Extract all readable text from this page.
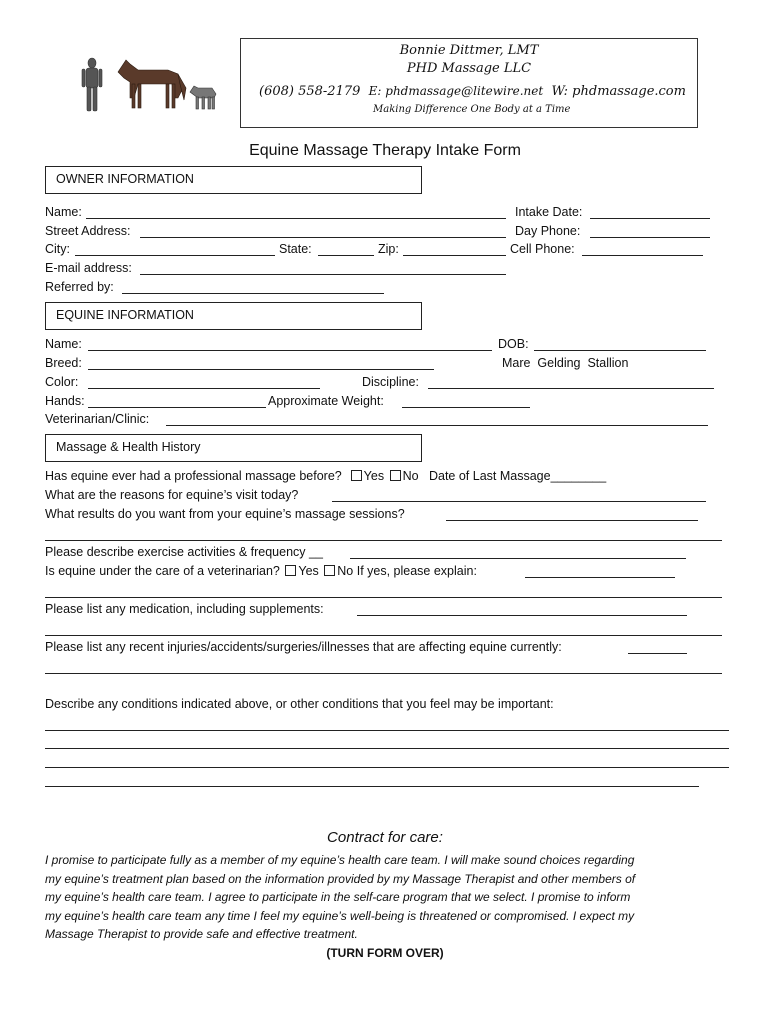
Bonnie Dittmer, LMT
PHD Massage LLC
(608) 558-2179 E: phdmassage@litewire.net W: phdmassage.com
Making Difference One Body at a Time
Equine Massage Therapy Intake Form
OWNER INFORMATION
Name:	Intake Date:
Street Address:	Day Phone:
City:	State:	Zip:	Cell Phone:
E-mail address:
Referred by:
EQUINE INFORMATION
Name:	DOB:
Breed:	Mare  Gelding  Stallion
Color:	Discipline:
Hands:	Approximate Weight:
Veterinarian/Clinic:
Massage & Health History
Has equine ever had a professional massage before? Yes No Date of Last Massage________
What are the reasons for equine’s visit today?
What results do you want from your equine’s massage sessions?
Please describe exercise activities & frequency __
Is equine under the care of a veterinarian? Yes No If yes, please explain:
Please list any medication, including supplements:
Please list any recent injuries/accidents/surgeries/illnesses that are affecting equine currently:
Describe any conditions indicated above, or other conditions that you feel may be important:
Contract for care:
I promise to participate fully as a member of my equine’s health care team. I will make sound choices regarding
my equine’s treatment plan based on the information provided by my Massage Therapist and other members of
my equine’s health care team. I agree to participate in the self-care program that we select. I promise to inform
my equine’s health care team any time I feel my equine’s well-being is threatened or compromised. I expect my
Massage Therapist to provide safe and effective treatment.
(TURN FORM OVER)
